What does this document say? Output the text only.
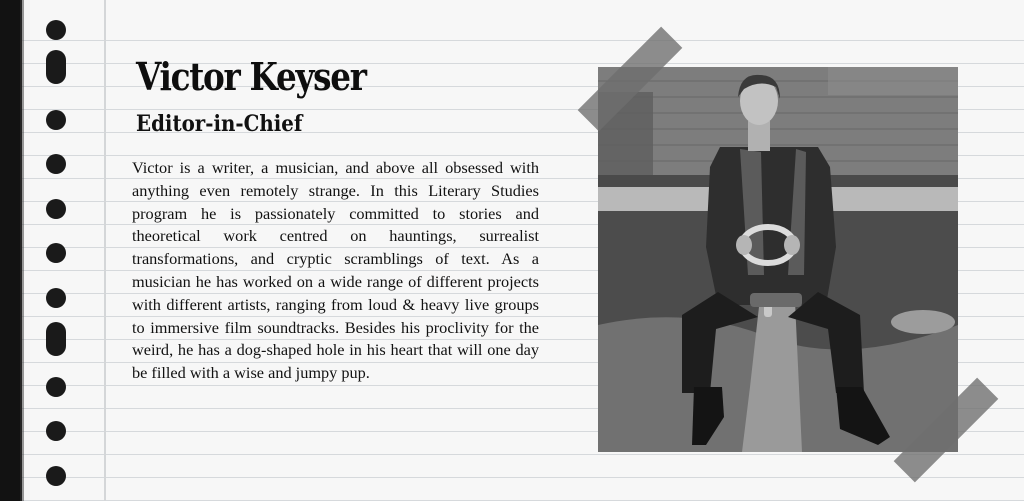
Victor Keyser
Editor-in-Chief

Victor is a writer, a musician, and above all obsessed with anything even remotely strange. In this Literary Studies program he is passionately committed to stories and theoretical work centred on hauntings, surrealist transformations, and cryptic scramblings of text. As a musician he has worked on a wide range of different projects with different artists, ranging from loud & heavy live groups to immersive film soundtracks. Besides his proclivity for the weird, he has a dog-shaped hole in his heart that will one day be filled with a wise and jumpy pup.
